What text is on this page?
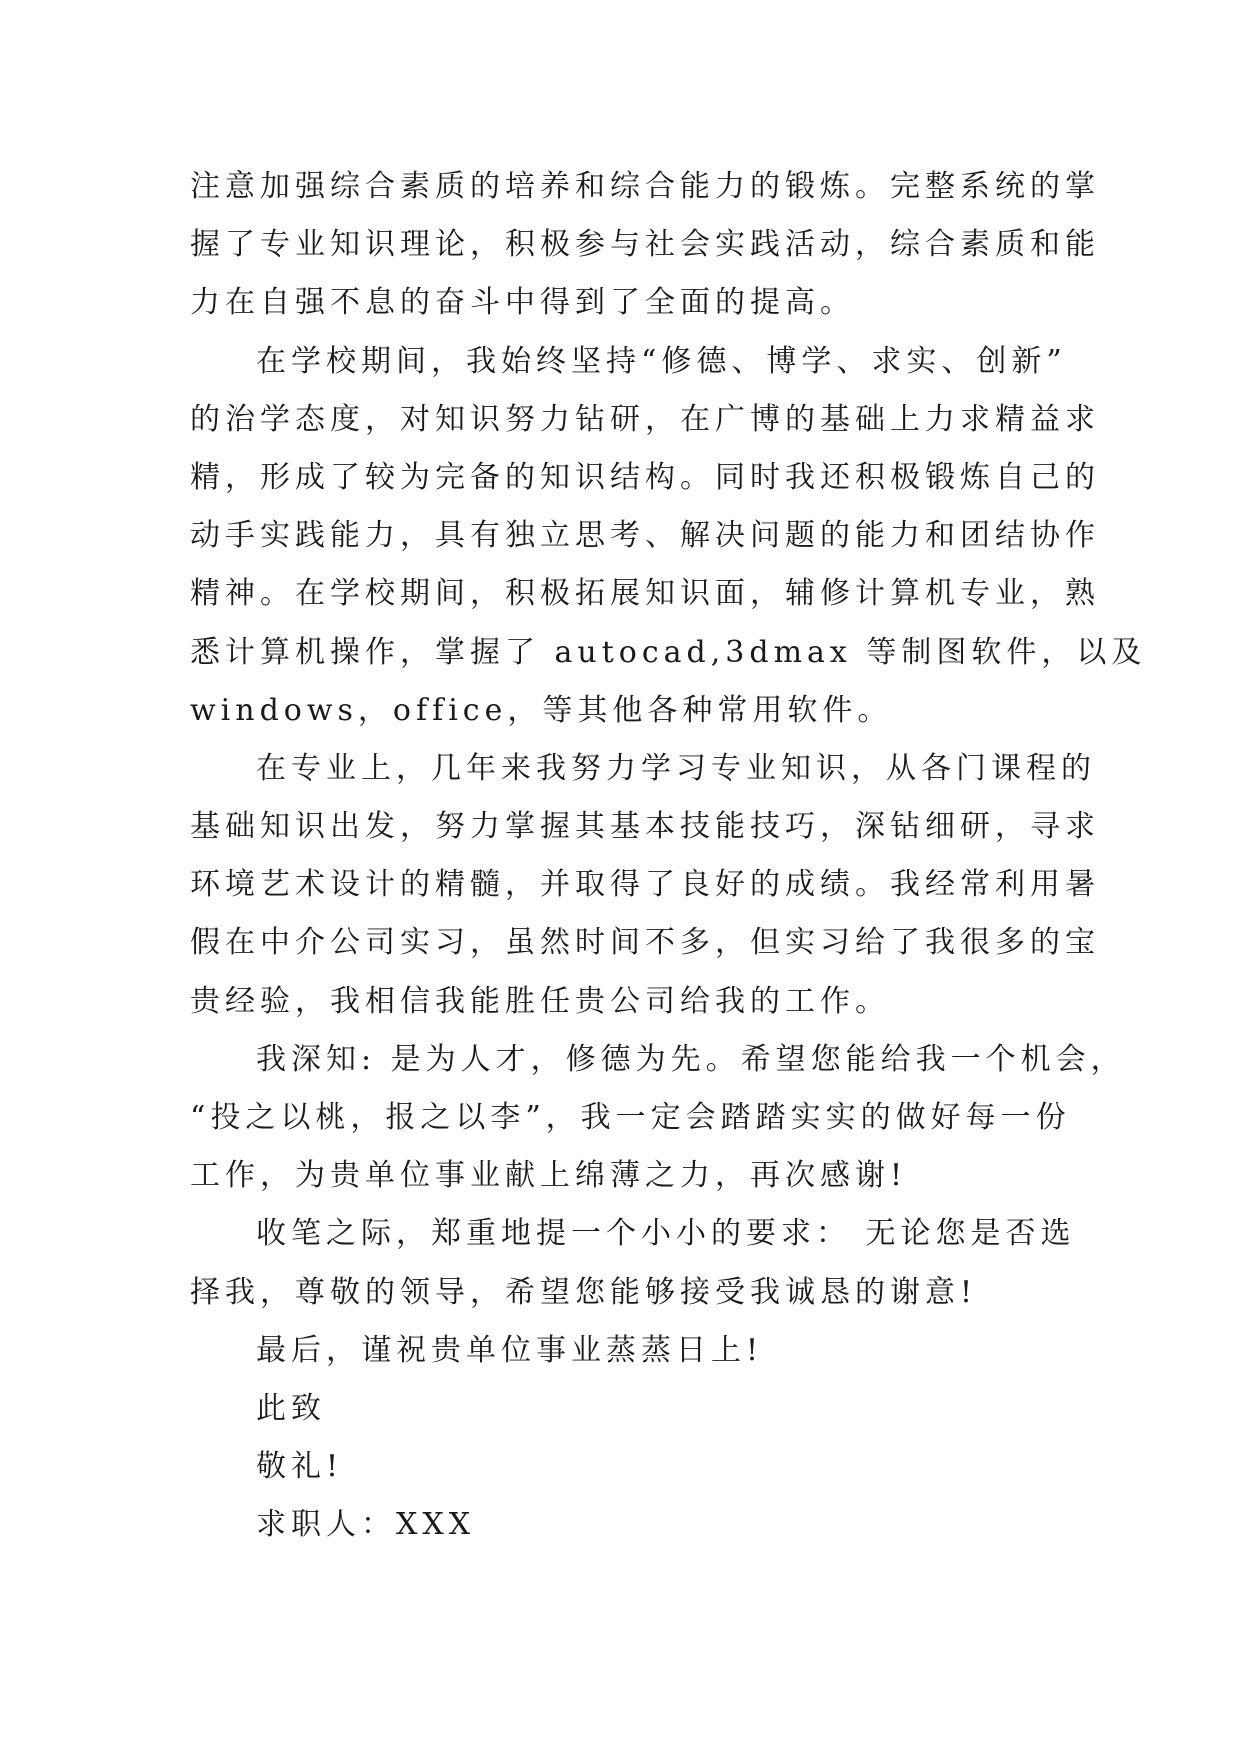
注意加强综合素质的培养和综合能力的锻炼。完整系统的掌
握了专业知识理论，积极参与社会实践活动，综合素质和能
力在自强不息的奋斗中得到了全面的提高。
在学校期间，我始终坚持“修德、博学、求实、创新”
的治学态度，对知识努力钻研，在广博的基础上力求精益求
精，形成了较为完备的知识结构。同时我还积极锻炼自己的
动手实践能力，具有独立思考、解决问题的能力和团结协作
精神。在学校期间，积极拓展知识面，辅修计算机专业，熟
悉计算机操作，掌握了 autocad,3dmax 等制图软件，以及
windows，office，等其他各种常用软件。
在专业上，几年来我努力学习专业知识，从各门课程的
基础知识出发，努力掌握其基本技能技巧，深钻细研，寻求
环境艺术设计的精髓，并取得了良好的成绩。我经常利用暑
假在中介公司实习，虽然时间不多，但实习给了我很多的宝
贵经验，我相信我能胜任贵公司给我的工作。
我深知: 是为人才，修德为先。希望您能给我一个机会，
“投之以桃，报之以李”，我一定会踏踏实实的做好每一份
工作，为贵单位事业献上绵薄之力，再次感谢!
收笔之际，郑重地提一个小小的要求： 无论您是否选
择我，尊敬的领导，希望您能够接受我诚恳的谢意!
最后，谨祝贵单位事业蒸蒸日上!
此致
敬礼!
求职人：XXX
